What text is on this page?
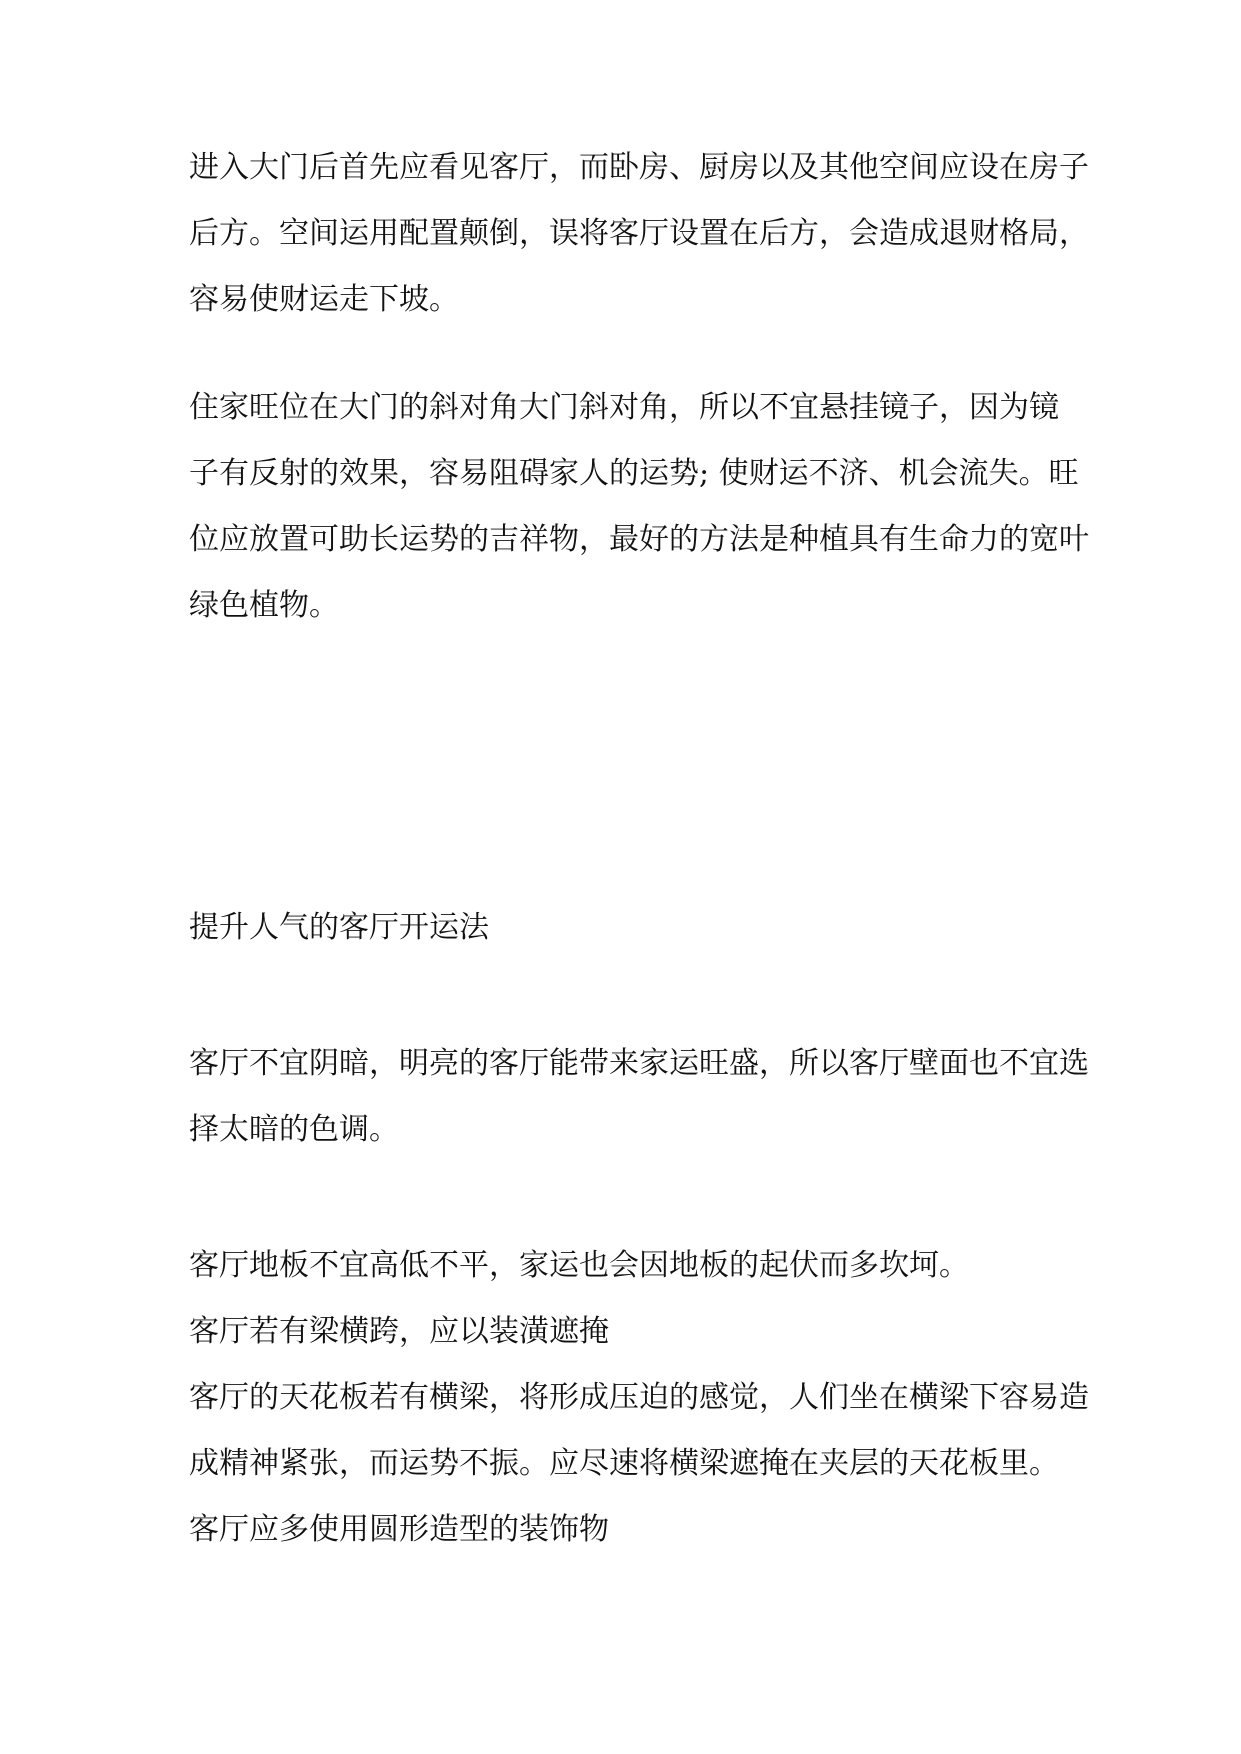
进入大门后首先应看见客厅，而卧房、厨房以及其他空间应设在房子
后方。空间运用配置颠倒，误将客厅设置在后方，会造成退财格局，
容易使财运走下坡。
住家旺位在大门的斜对角大门斜对角，所以不宜悬挂镜子，因为镜
子有反射的效果，容易阻碍家人的运势; 使财运不济、机会流失。旺
位应放置可助长运势的吉祥物，最好的方法是种植具有生命力的宽叶
绿色植物。
提升人气的客厅开运法
客厅不宜阴暗，明亮的客厅能带来家运旺盛，所以客厅壁面也不宜选
择太暗的色调。
客厅地板不宜高低不平，家运也会因地板的起伏而多坎坷。
客厅若有梁横跨，应以装潢遮掩
客厅的天花板若有横梁，将形成压迫的感觉，人们坐在横梁下容易造
成精神紧张，而运势不振。应尽速将横梁遮掩在夹层的天花板里。
客厅应多使用圆形造型的装饰物
